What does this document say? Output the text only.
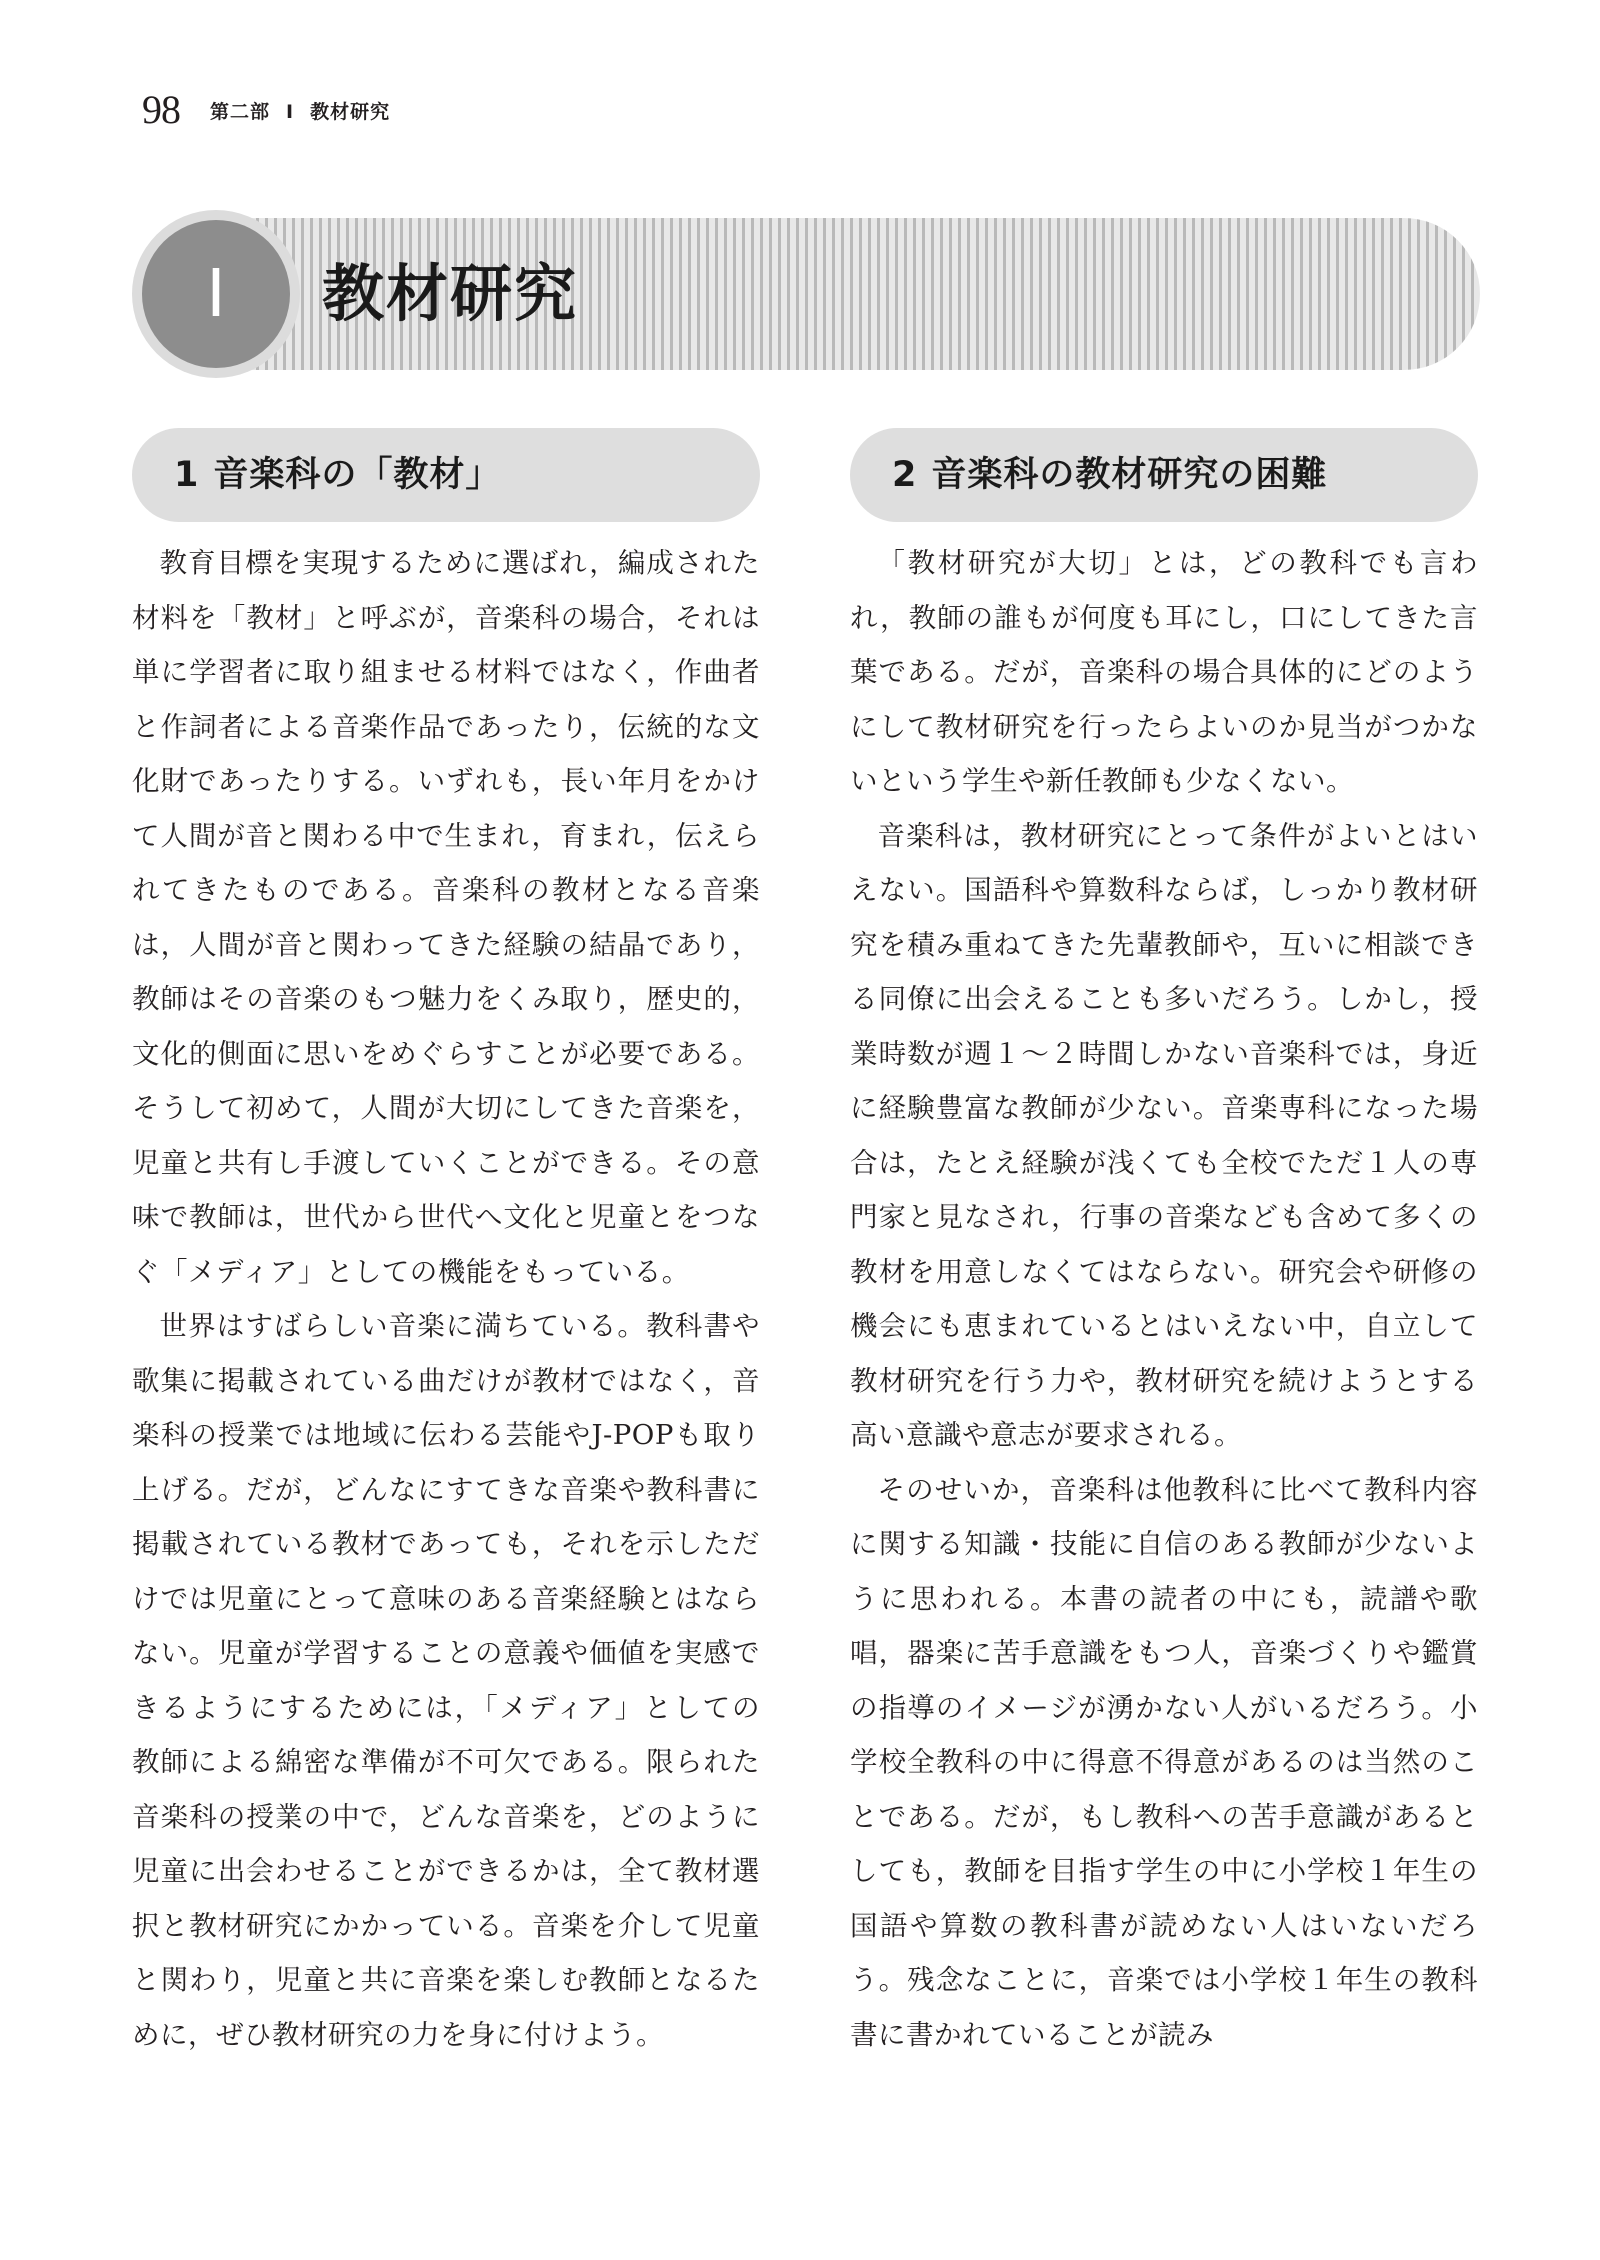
98 第二部 Ⅰ 教材研究
Ⅰ	教材研究
1 音楽科の「教材」

教育目標を実現するために選ばれ，編成された材料を「教材」と呼ぶが，音楽科の場合，それは単に学習者に取り組ませる材料ではなく，作曲者と作詞者による音楽作品であったり，伝統的な文化財であったりする。いずれも，長い年月をかけて人間が音と関わる中で生まれ，育まれ，伝えられてきたものである。音楽科の教材となる音楽は，人間が音と関わってきた経験の結晶であり，教師はその音楽のもつ魅力をくみ取り，歴史的，文化的側面に思いをめぐらすことが必要である。そうして初めて，人間が大切にしてきた音楽を，児童と共有し手渡していくことができる。その意味で教師は，世代から世代へ文化と児童とをつなぐ「メディア」としての機能をもっている。

世界はすばらしい音楽に満ちている。教科書や歌集に掲載されている曲だけが教材ではなく，音楽科の授業では地域に伝わる芸能やJ-POPも取り上げる。だが，どんなにすてきな音楽や教科書に掲載されている教材であっても，それを示しただけでは児童にとって意味のある音楽経験とはならない。児童が学習することの意義や価値を実感できるようにするためには，「メディア」としての教師による綿密な準備が不可欠である。限られた音楽科の授業の中で，どんな音楽を，どのように児童に出会わせることができるかは，全て教材選択と教材研究にかかっている。音楽を介して児童と関わり，児童と共に音楽を楽しむ教師となるために，ぜひ教材研究の力を身に付けよう。

2 音楽科の教材研究の困難

「教材研究が大切」とは，どの教科でも言われ，教師の誰もが何度も耳にし，口にしてきた言葉である。だが，音楽科の場合具体的にどのようにして教材研究を行ったらよいのか見当がつかないという学生や新任教師も少なくない。

音楽科は，教材研究にとって条件がよいとはいえない。国語科や算数科ならば，しっかり教材研究を積み重ねてきた先輩教師や，互いに相談できる同僚に出会えることも多いだろう。しかし，授業時数が週１～２時間しかない音楽科では，身近に経験豊富な教師が少ない。音楽専科になった場合は，たとえ経験が浅くても全校でただ１人の専門家と見なされ，行事の音楽なども含めて多くの教材を用意しなくてはならない。研究会や研修の機会にも恵まれているとはいえない中，自立して教材研究を行う力や，教材研究を続けようとする高い意識や意志が要求される。

そのせいか，音楽科は他教科に比べて教科内容に関する知識・技能に自信のある教師が少ないように思われる。本書の読者の中にも，読譜や歌唱，器楽に苦手意識をもつ人，音楽づくりや鑑賞の指導のイメージが湧かない人がいるだろう。小学校全教科の中に得意不得意があるのは当然のことである。だが，もし教科への苦手意識があるとしても，教師を目指す学生の中に小学校１年生の国語や算数の教科書が読めない人はいないだろう。残念なことに，音楽では小学校１年生の教科書に書かれていることが読み
